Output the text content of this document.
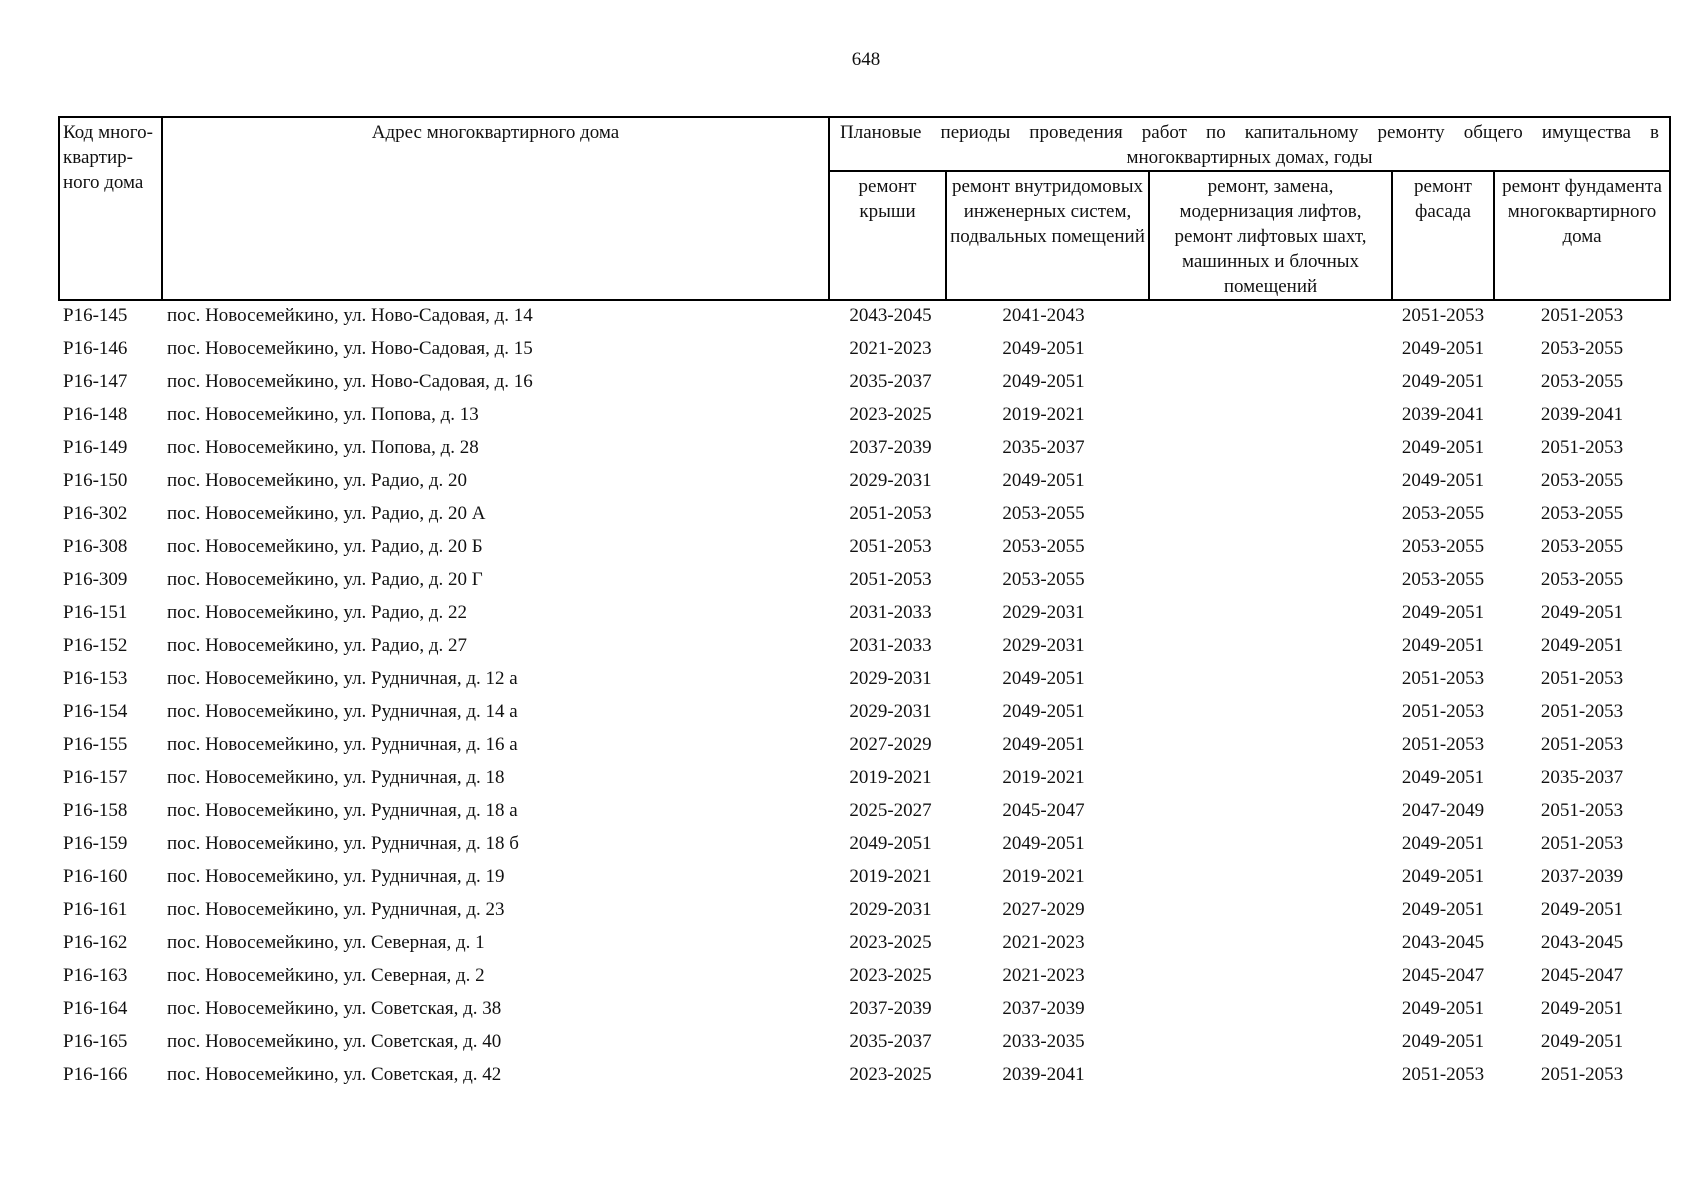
648
Код много-квартир-ного дома	Адрес многоквартирного дома	Плановые периоды проведения работ по капитальному ремонту общего имущества в
многоквартирных домах, годы				

		ремонт крыши	ремонт внутридомовых инженерных систем, подвальных помещений	ремонт, замена, модернизация лифтов, ремонт лифтовых шахт, машинных и блочных помещений	ремонт фасада	ремонт фундамента многоквартирного дома
Р16-145	пос. Новосемейкино, ул. Ново-Садовая, д. 14	2043-2045	2041-2043		2051-2053	2051-2053
Р16-146	пос. Новосемейкино, ул. Ново-Садовая, д. 15	2021-2023	2049-2051		2049-2051	2053-2055
Р16-147	пос. Новосемейкино, ул. Ново-Садовая, д. 16	2035-2037	2049-2051		2049-2051	2053-2055
Р16-148	пос. Новосемейкино, ул. Попова, д. 13	2023-2025	2019-2021		2039-2041	2039-2041
Р16-149	пос. Новосемейкино, ул. Попова, д. 28	2037-2039	2035-2037		2049-2051	2051-2053
Р16-150	пос. Новосемейкино, ул. Радио, д. 20	2029-2031	2049-2051		2049-2051	2053-2055
Р16-302	пос. Новосемейкино, ул. Радио, д. 20 А	2051-2053	2053-2055		2053-2055	2053-2055
Р16-308	пос. Новосемейкино, ул. Радио, д. 20 Б	2051-2053	2053-2055		2053-2055	2053-2055
Р16-309	пос. Новосемейкино, ул. Радио, д. 20 Г	2051-2053	2053-2055		2053-2055	2053-2055
Р16-151	пос. Новосемейкино, ул. Радио, д. 22	2031-2033	2029-2031		2049-2051	2049-2051
Р16-152	пос. Новосемейкино, ул. Радио, д. 27	2031-2033	2029-2031		2049-2051	2049-2051
Р16-153	пос. Новосемейкино, ул. Рудничная, д. 12 а	2029-2031	2049-2051		2051-2053	2051-2053
Р16-154	пос. Новосемейкино, ул. Рудничная, д. 14 а	2029-2031	2049-2051		2051-2053	2051-2053
Р16-155	пос. Новосемейкино, ул. Рудничная, д. 16 а	2027-2029	2049-2051		2051-2053	2051-2053
Р16-157	пос. Новосемейкино, ул. Рудничная, д. 18	2019-2021	2019-2021		2049-2051	2035-2037
Р16-158	пос. Новосемейкино, ул. Рудничная, д. 18 а	2025-2027	2045-2047		2047-2049	2051-2053
Р16-159	пос. Новосемейкино, ул. Рудничная, д. 18 б	2049-2051	2049-2051		2049-2051	2051-2053
Р16-160	пос. Новосемейкино, ул. Рудничная, д. 19	2019-2021	2019-2021		2049-2051	2037-2039
Р16-161	пос. Новосемейкино, ул. Рудничная, д. 23	2029-2031	2027-2029		2049-2051	2049-2051
Р16-162	пос. Новосемейкино, ул. Северная, д. 1	2023-2025	2021-2023		2043-2045	2043-2045
Р16-163	пос. Новосемейкино, ул. Северная, д. 2	2023-2025	2021-2023		2045-2047	2045-2047
Р16-164	пос. Новосемейкино, ул. Советская, д. 38	2037-2039	2037-2039		2049-2051	2049-2051
Р16-165	пос. Новосемейкино, ул. Советская, д. 40	2035-2037	2033-2035		2049-2051	2049-2051
Р16-166	пос. Новосемейкино, ул. Советская, д. 42	2023-2025	2039-2041		2051-2053	2051-2053
